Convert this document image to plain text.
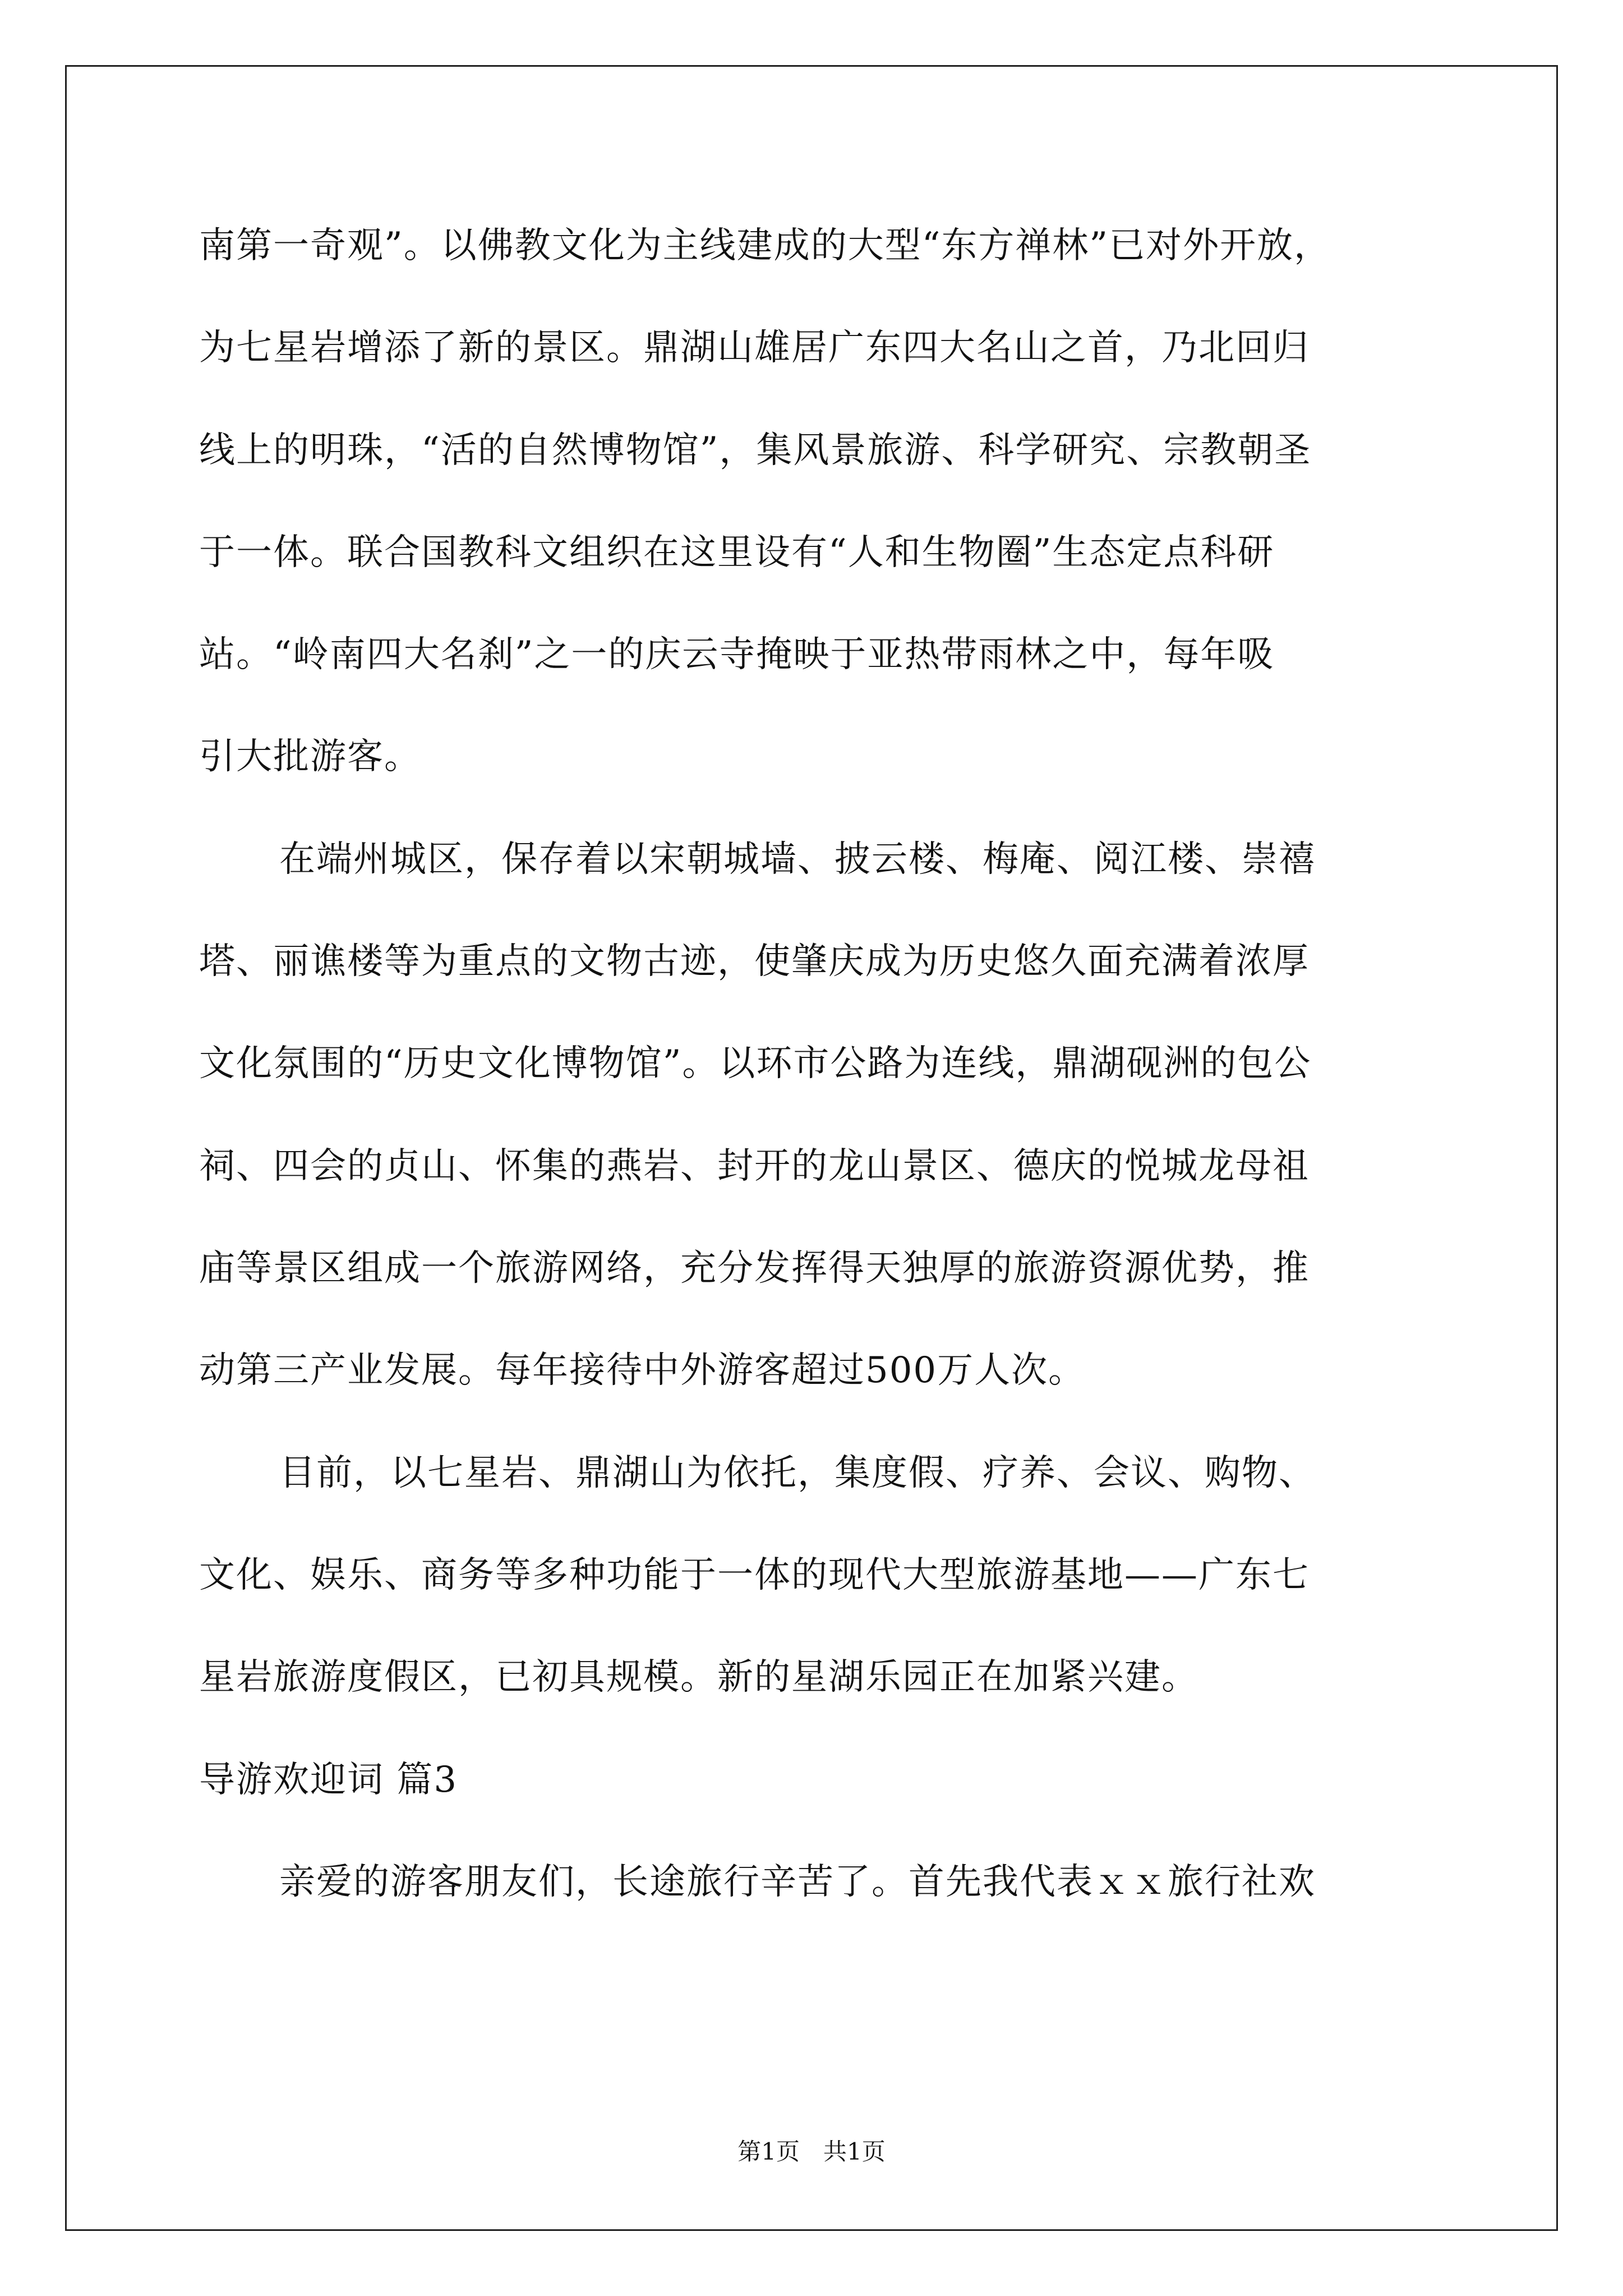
南第一奇观”。以佛教文化为主线建成的大型“东方禅林”已对外开放，
为七星岩增添了新的景区。鼎湖山雄居广东四大名山之首，乃北回归
线上的明珠，“活的自然博物馆”，集风景旅游、科学研究、宗教朝圣
于一体。联合国教科文组织在这里设有“人和生物圈”生态定点科研
站。“岭南四大名刹”之一的庆云寺掩映于亚热带雨林之中，每年吸
引大批游客。
在端州城区，保存着以宋朝城墙、披云楼、梅庵、阅江楼、崇禧
塔、丽谯楼等为重点的文物古迹，使肇庆成为历史悠久面充满着浓厚
文化氛围的“历史文化博物馆”。以环市公路为连线，鼎湖砚洲的包公
祠、四会的贞山、怀集的燕岩、封开的龙山景区、德庆的悦城龙母祖
庙等景区组成一个旅游网络，充分发挥得天独厚的旅游资源优势，推
动第三产业发展。每年接待中外游客超过500万人次。
目前，以七星岩、鼎湖山为依托，集度假、疗养、会议、购物、
文化、娱乐、商务等多种功能于一体的现代大型旅游基地——广东七
星岩旅游度假区，已初具规模。新的星湖乐园正在加紧兴建。
导游欢迎词 篇3
亲爱的游客朋友们，长途旅行辛苦了。首先我代表ｘｘ旅行社欢
第1页　共1页
